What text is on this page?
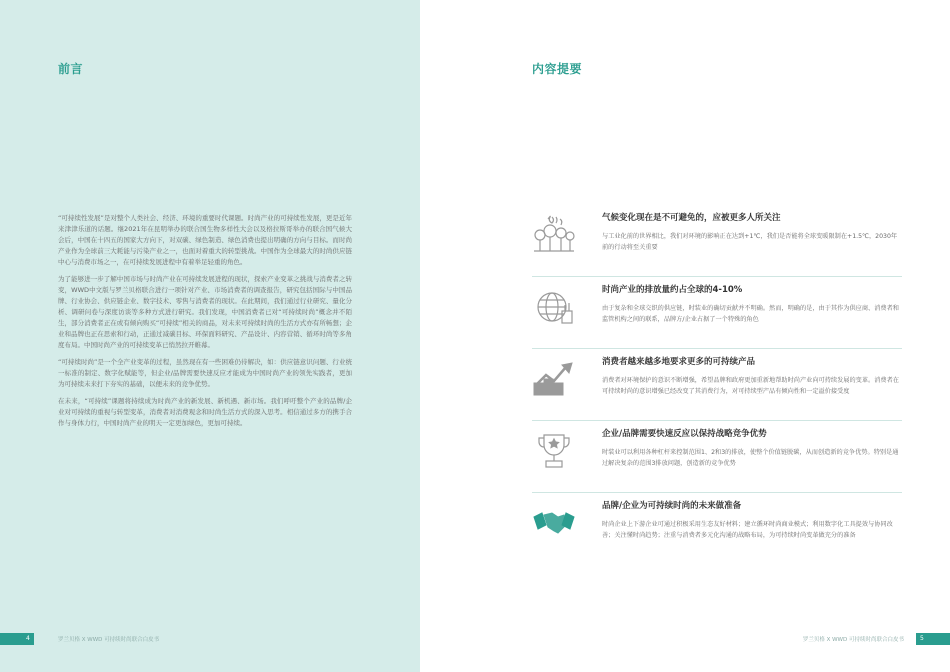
前言

“可持续性发展”是对整个人类社会、经济、环境的重要时代课题。时尚产业的可持续性发展，更是近年来津津乐道的话题。继2021年在昆明举办的联合国生物多样性大会以及格拉斯哥举办的联合国气候大会后，中国在十四五的国家大方向下，对双碳、绿色制造、绿色消费也提出明确的方向与目标。而时尚产业作为全球前三大耗能与污染产业之一，也面对着重大的转型挑战。中国作为全球最大的时尚供应链中心与消费市场之一，在可持续发展进程中有着举足轻重的角色。

为了能够进一步了解中国市场与时尚产业在可持续发展进程的现状，探索产业变革之挑战与消费者之转变，WWD中文版与罗兰贝格联合进行一项针对产业、市场消费者的调查报告，研究包括国际与中国品牌、行业协会、供应链企业、数字技术、零售与消费者的现状。在此期间，我们通过行业研究、量化分析、调研问卷与深度访谈等多种方式进行研究。我们发现，中国消费者已对“可持续时尚”概念并不陌生，部分消费者正在或有倾向购买“可持续”相关的商品，对未来可持续时尚的生活方式亦有所畅想；企业和品牌也正在思索和行动，正通过减碳目标、环保面料研究、产品设计、内容营销、循环时尚等多角度布局。中国时尚产业的可持续变革已悄然拉开帷幕。

“可持续时尚”是一个全产业变革的过程，虽然现在有一些困难仍待解决，如：供应链意识问题、行业统一标准的制定、数字化赋能等，但企业/品牌需要快速反应才能成为中国时尚产业的领先实践者，更加为可持续未来打下夯实的基础，以便未来的竞争优势。

在未来，“可持续”课题将持续成为时尚产业的新发展、新机遇、新市场。我们呼吁整个产业的品牌/企业对可持续的重视与转型变革，消费者对消费观念和时尚生活方式的深入思考。相信通过多方的携手合作与身体力行，中国时尚产业的明天一定更加绿色，更加可持续。

内容提要
气候变化现在是不可避免的，应被更多人所关注
与工业化前的世界相比，我们对环境的影响正在达到+1℃，我们是否能将全球变暖限制在+1.5℃，2030年前的行动将至关重要
时尚产业的排放量约占全球的4-10%
由于复杂和全球交织的供应链，时装业的确切贡献并不明确。然而，明确的是，由于其作为供应商、消费者和监管机构之间的联系，品牌方/企业占据了一个特殊的角色
消费者越来越多地要求更多的可持续产品
消费者对环境保护的意识不断增强，希望品牌和政府更加重新地帮助时尚产业向可持续发展的变革。消费者在可持续时尚的意识增强已经改变了其消费行为，对可持续型产品有倾向性和一定溢价接受度
企业/品牌需要快速反应以保持战略竞争优势
时装业可以利用各种杠杆来控制范围1、2和3的排放，使整个价值链脱碳，从而创造新的竞争优势。特别是通过解决复杂的范围3排放问题，创造新的竞争优势
品牌/企业为可持续时尚的未来做准备
时尚企业上下游企业可通过积极采用生态友好材料；建立循环时尚商业模式；利用数字化工具提效与协同改善；关注懂时尚趋势；注重与消费者多元化沟通的战略布局，为可持续时尚变革做充分的准备
4	罗兰贝格 X WWD 可持续时尚联合白皮书	罗兰贝格 X WWD 可持续时尚联合白皮书	5
